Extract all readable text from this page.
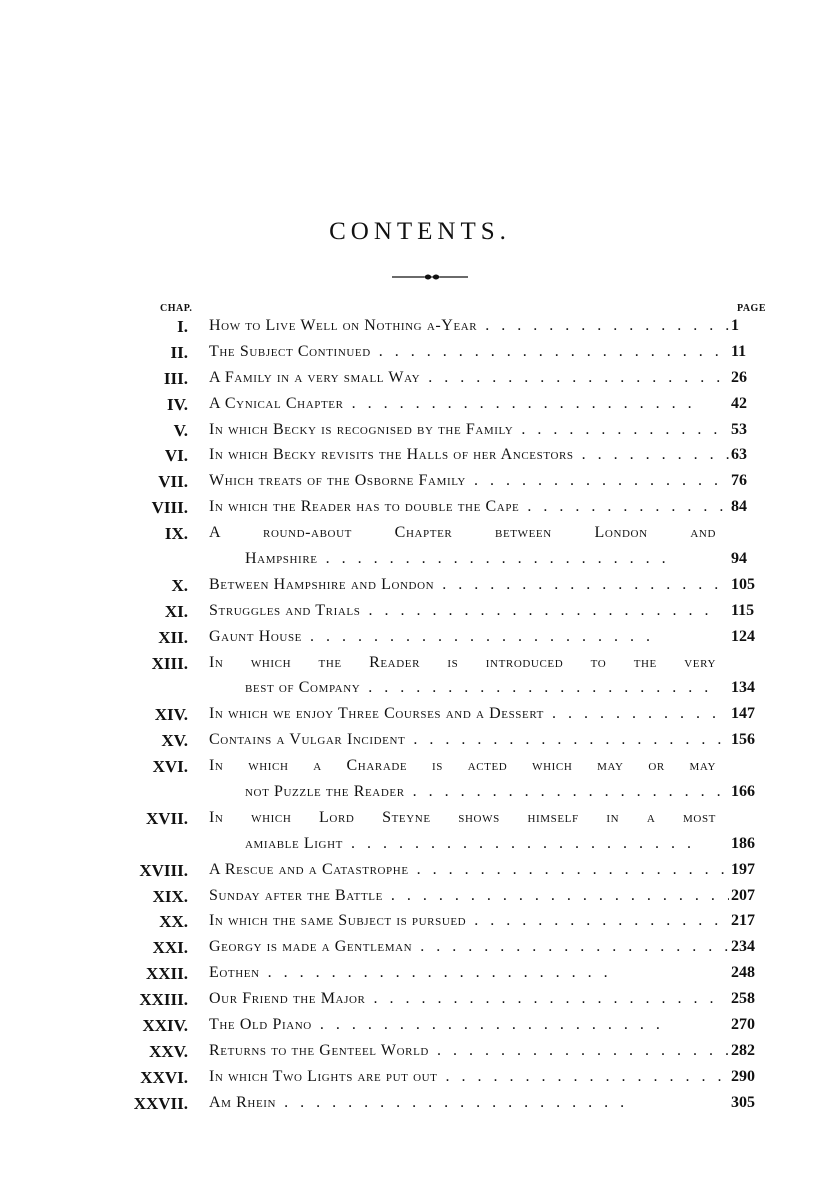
CONTENTS.
CHAP.	PAGE
I. How to Live Well on Nothing a-Year . .	1
II. The Subject Continued . .	11
III. A Family in a very small Way . .	26
IV. A Cynical Chapter . .	42
V. In which Becky is recognised by the Family . .	53
VI. In which Becky revisits the Halls of her Ancestors . .	63
VII. Which treats of the Osborne Family . .	76
VIII. In which the Reader has to double the Cape . .	84
IX. A round-about Chapter between London and
Hampshire . .	94
X. Between Hampshire and London . .	105
XI. Struggles and Trials . .	115
XII. Gaunt House . .	124
XIII. In which the Reader is introduced to the very
best of Company . .	134
XIV. In which we enjoy Three Courses and a Dessert . .	147
XV. Contains a Vulgar Incident . .	156
XVI. In which a Charade is acted which may or may
not Puzzle the Reader . .	166
XVII. In which Lord Steyne shows himself in a most
amiable Light . .	186
XVIII. A Rescue and a Catastrophe . .	197
XIX. Sunday after the Battle . .	207
XX. In which the same Subject is pursued . .	217
XXI. Georgy is made a Gentleman . .	234
XXII. Eothen . .	248
XXIII. Our Friend the Major . .	258
XXIV. The Old Piano . .	270
XXV. Returns to the Genteel World . .	282
XXVI. In which Two Lights are put out . .	290
XXVII. Am Rhein . .	305
